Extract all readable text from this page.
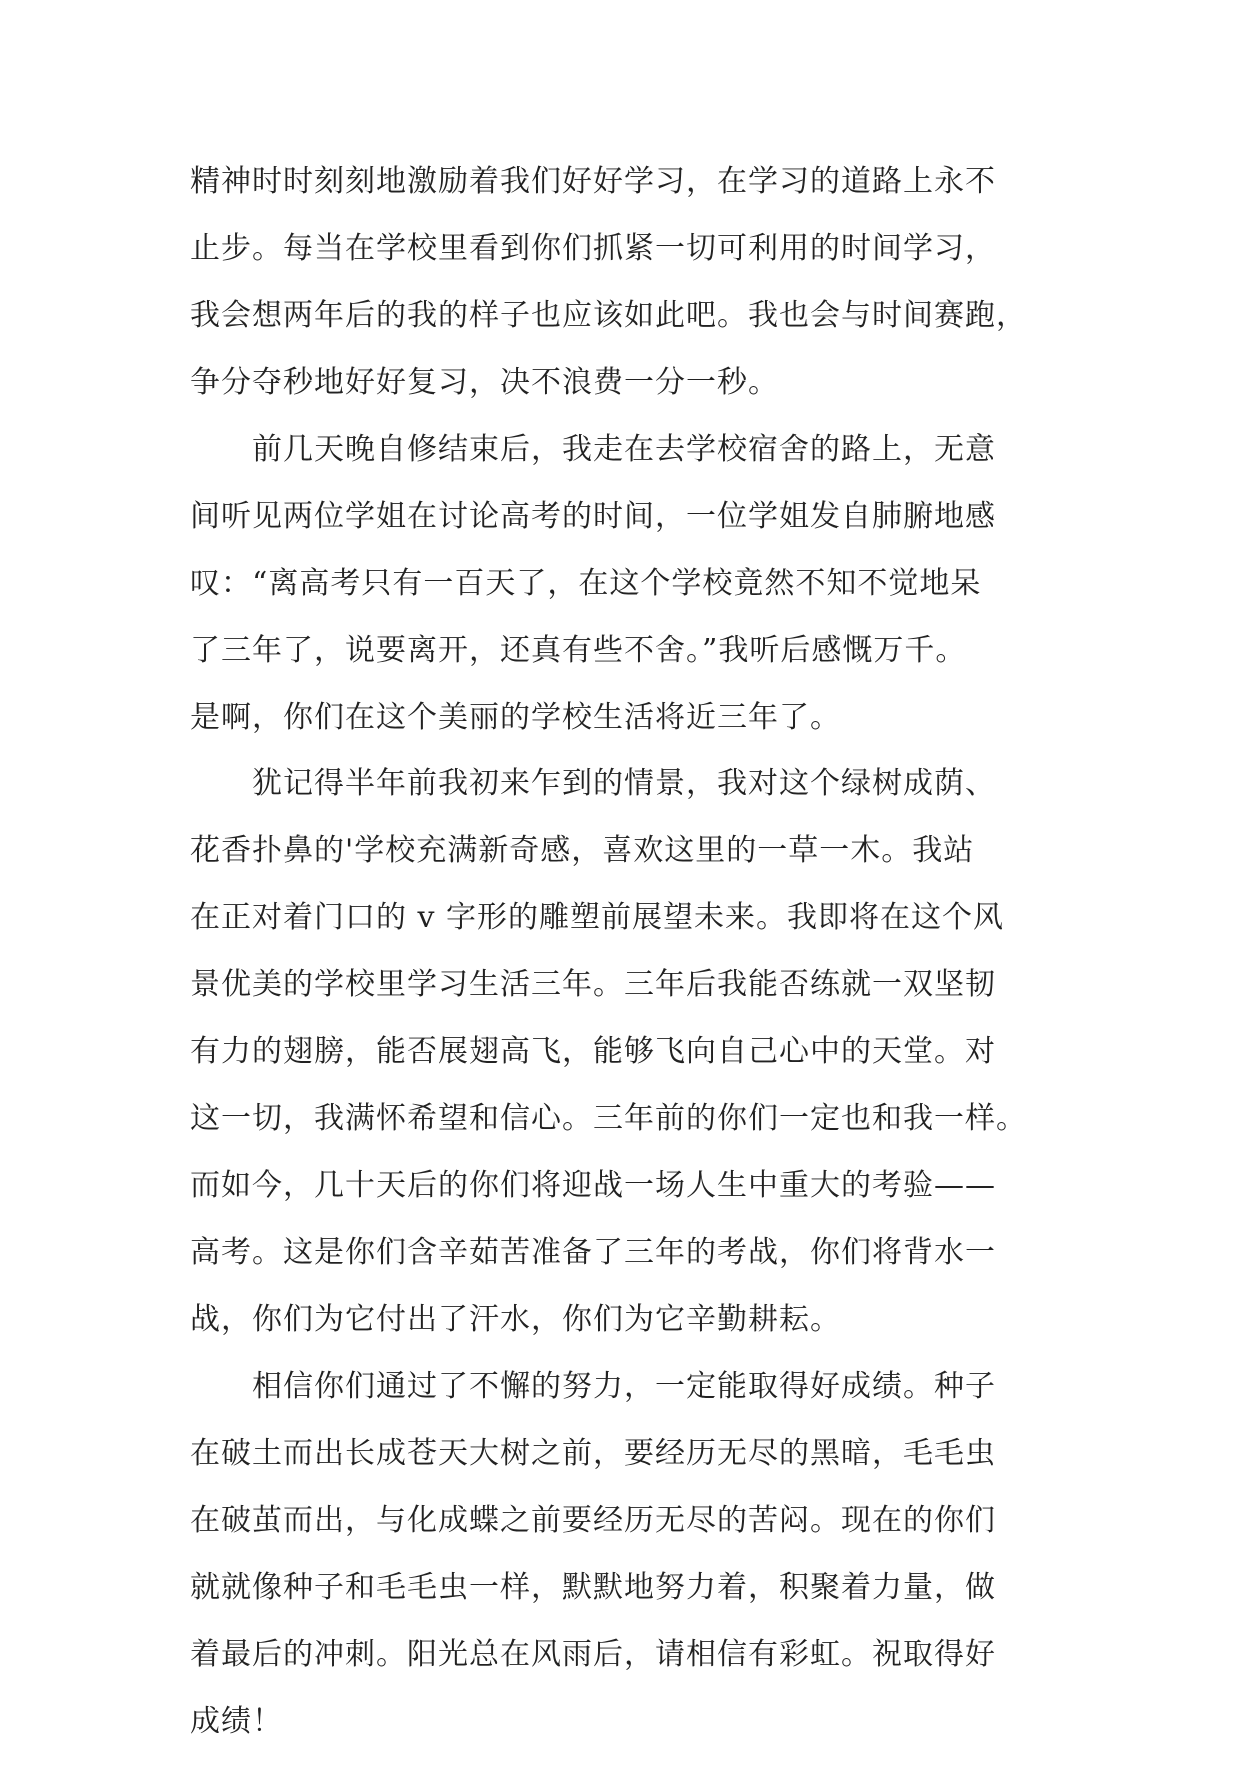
精神时时刻刻地激励着我们好好学习，在学习的道路上永不
止步。每当在学校里看到你们抓紧一切可利用的时间学习，
我会想两年后的我的样子也应该如此吧。我也会与时间赛跑，
争分夺秒地好好复习，决不浪费一分一秒。
　　前几天晚自修结束后，我走在去学校宿舍的路上，无意
间听见两位学姐在讨论高考的时间，一位学姐发自肺腑地感
叹：“离高考只有一百天了，在这个学校竟然不知不觉地呆
了三年了，说要离开，还真有些不舍。”我听后感慨万千。
是啊，你们在这个美丽的学校生活将近三年了。
　　犹记得半年前我初来乍到的情景，我对这个绿树成荫、
花香扑鼻的'学校充满新奇感，喜欢这里的一草一木。我站
在正对着门口的 v 字形的雕塑前展望未来。我即将在这个风
景优美的学校里学习生活三年。三年后我能否练就一双坚韧
有力的翅膀，能否展翅高飞，能够飞向自己心中的天堂。对
这一切，我满怀希望和信心。三年前的你们一定也和我一样。
而如今，几十天后的你们将迎战一场人生中重大的考验——
高考。这是你们含辛茹苦准备了三年的考战，你们将背水一
战，你们为它付出了汗水，你们为它辛勤耕耘。
　　相信你们通过了不懈的努力，一定能取得好成绩。种子
在破土而出长成苍天大树之前，要经历无尽的黑暗，毛毛虫
在破茧而出，与化成蝶之前要经历无尽的苦闷。现在的你们
就就像种子和毛毛虫一样，默默地努力着，积聚着力量，做
着最后的冲刺。阳光总在风雨后，请相信有彩虹。祝取得好
成绩！
